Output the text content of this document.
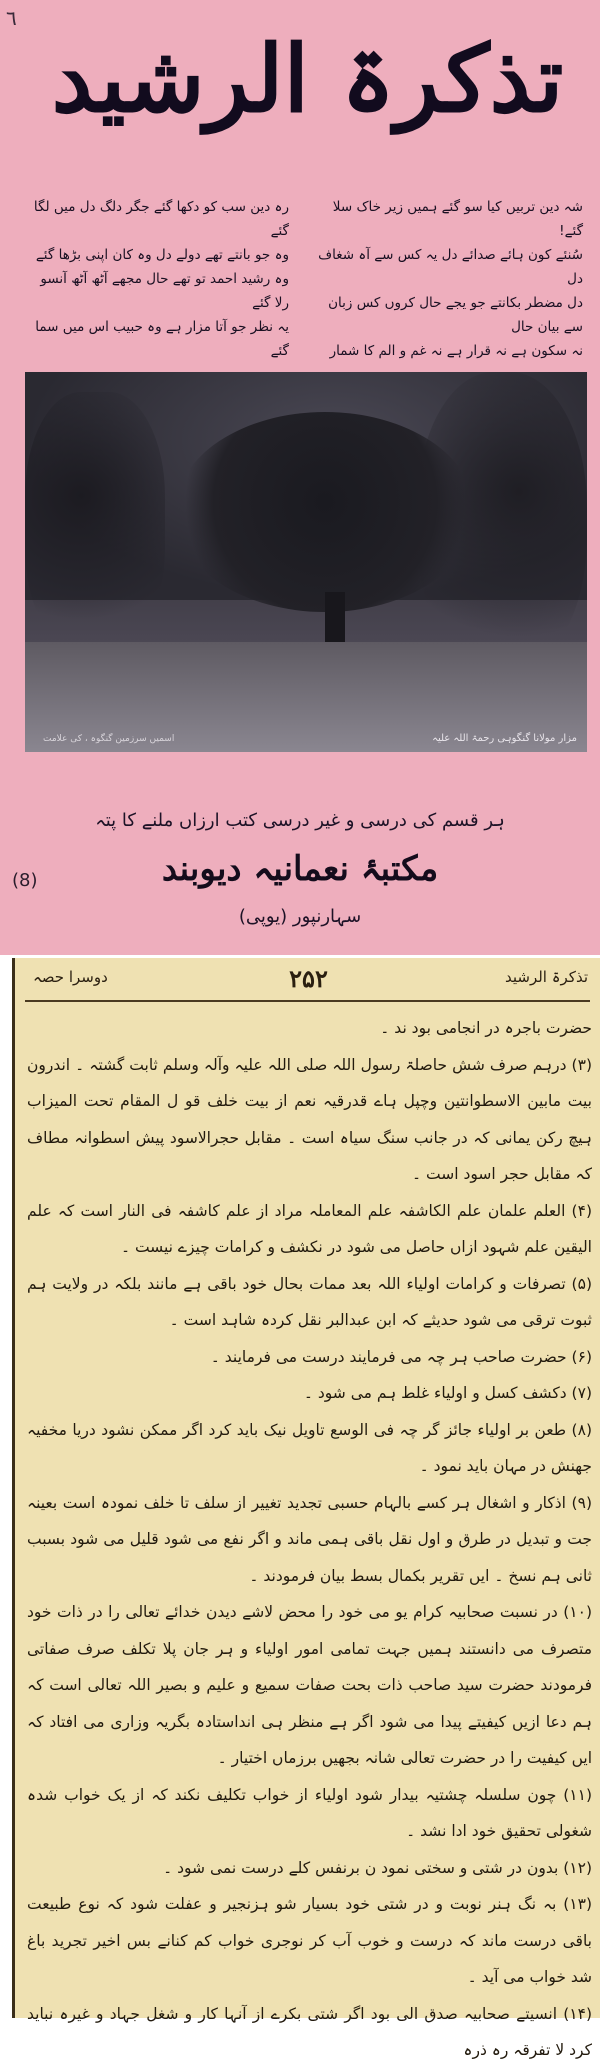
٦
تذکرۃ الرشید
شہ دین تربیں کیا سو گئے ہمیں زیر خاک سلا گئے!
سُنئے کون ہائے صدائے دل یہ کس سے آہ شغاف دل
دل مضطر بکانتے جو یجے حال کروں کس زبان سے بیان حال
نہ سکون ہے نہ قرار ہے نہ غم و الم کا شمار
رہ دین سب کو دکھا گئے جگر دلگ دل میں لگا گئے
وہ جو بانتے تھے دولے دل وہ کان اپنی بڑھا گئے
وہ رشید احمد تو تھے حال مجھے آٹھ آٹھ آنسو رلا گئے
یہ نظر جو آتا مزار ہے وہ حبیب اس میں سما گئے
مزار مولانا گنگوہی رحمۃ اللہ علیہ
اسمیں سرزمین گنگوہ ، کی علامت
ہر قسم کی درسی و غیر درسی کتب ارزاں ملنے کا پتہ
مکتبۂ نعمانیہ دیوبند
سہارنپور (یوپی)
(8)
دوسرا حصہ	۲۵۲	تذکرۃ الرشید

حضرت باجرہ در انجامی بود ند ۔

(۳) درہم صرف شش حاصلۃ رسول اللہ صلی اللہ علیہ وآلہ وسلم ثابت گشتہ ۔ اندرون بیت مابین الاسطوانتین وچپل ہاے قدرقیہ نعم از بیت خلف قو ل المقام تحت المیزاب ہیچ رکن یمانی کہ در جانب سنگ سیاہ است ۔ مقابل حجرالاسود پیش اسطوانہ مطاف کہ مقابل حجر اسود است ۔

(۴) العلم علمان علم الکاشفہ علم المعاملہ مراد از علم کاشفہ فی النار است کہ علم الیقین علم شہود ازاں حاصل می شود در نکشف و کرامات چیزے نیست ۔

(۵) تصرفات و کرامات اولیاء اللہ بعد ممات بحال خود باقی ہے مانند بلکہ در ولایت ہم ثبوت ترقی می شود حدیثے کہ ابن عبدالبر نقل کردہ شاہد است ۔

(۶) حضرت صاحب ہر چہ می فرمایند درست می فرمایند ۔

(۷) دکشف کسل و اولیاء غلط ہم می شود ۔

(۸) طعن بر اولیاء جائز گر چہ فی الوسع تاویل نیک باید کرد اگر ممکن نشود دریا مخفیہ جھنش در مہان باید نمود ۔

(۹) اذکار و اشغال ہر کسے بالہام حسبی تجدید تغییر از سلف تا خلف نمودہ است بعینہ جت و تبدیل در طرق و اول نقل باقی ہمی ماند و اگر نفع می شود قلیل می شود بسبب ثانی ہم نسخ ۔ ایں تقریر بکمال بسط بیان فرمودند ۔

(۱۰) در نسبت صحابیہ کرام یو می خود را محض لاشے دیدن خدائے تعالی را در ذات خود متصرف می دانستند ہمیں جہت تمامی امور اولیاء و ہر جان پلا تکلف صرف صفاتی فرمودند حضرت سید صاحب ذات بحت صفات سمیع و علیم و بصیر اللہ تعالی است کہ ہم دعا ازیں کیفیتے پیدا می شود اگر ہے منظر ہی انداستادہ بگریہ وزاری می افتاد کہ ایں کیفیت را در حضرت تعالی شانہ بجھیں برزماں اختیار ۔

(۱۱) چون سلسلہ چشتیہ بیدار شود اولیاء از خواب تکلیف نکند کہ از یک خواب شدہ شغولی تحقیق خود ادا نشد ۔

(۱۲) بدون در شتی و سختی نمود ن برنفس کلے درست نمی شود ۔

(۱۳) بہ نگ ہنر نوبت و در شتی خود بسیار شو ہزنجیر و عفلت شود کہ نوع طبیعت باقی درست ماند کہ درست و خوب آب کر نوجری خواب کم کنانے بس اخیر تجرید باغ شد خواب می آید ۔

(۱۴) انسیتے صحابیہ صدق الی بود اگر شتی بکرے از آنہا کار و شغل جہاد و غیرہ نباید کرد لا تفرقہ رہ ذرہ
